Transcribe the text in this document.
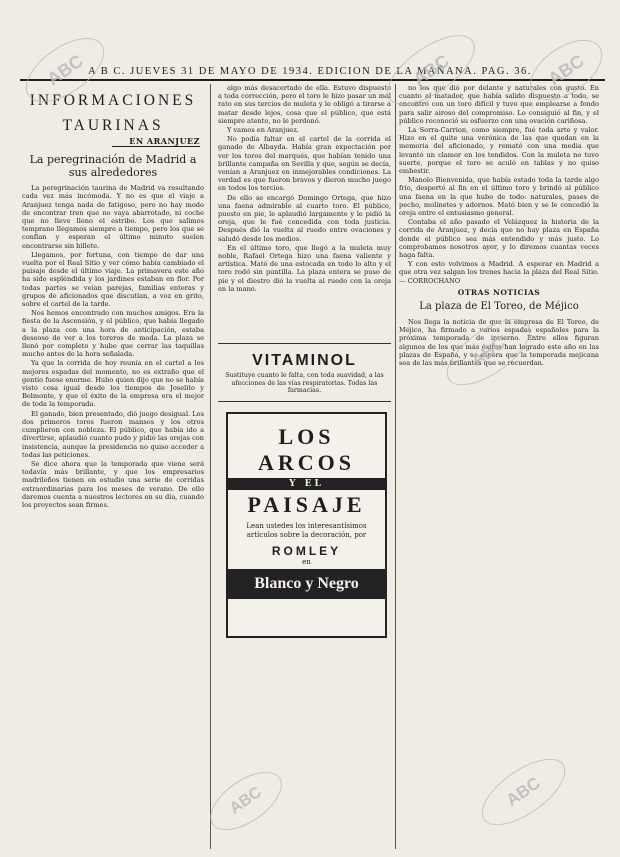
A B C. JUEVES 31 DE MAYO DE 1934. EDICION DE LA MAÑANA. PAG. 36.
INFORMACIONES
TAURINAS
EN ARANJUEZ
La peregrinación de Madrid a sus alrededores

La peregrinación taurina de Madrid va resultando cada vez más incómoda. Y no es que el viaje a Aranjuez tenga nada de fatigoso, pero no hay modo de encontrar tren que no vaya abarrotado, ni coche que no lleve lleno el estribo. Los que salimos temprano llegamos siempre a tiempo, pero los que se confían y esperan el último minuto suelen encontrarse sin billete.

Llegamos, por fortuna, con tiempo de dar una vuelta por el Real Sitio y ver cómo había cambiado el paisaje desde el último viaje. La primavera este año ha sido espléndida y los jardines estaban en flor. Por todas partes se veían parejas, familias enteras y grupos de aficionados que discutían, a voz en grito, sobre el cartel de la tarde.

Nos hemos encontrado con muchos amigos. Era la fiesta de la Ascensión, y el público, que había llegado a la plaza con una hora de anticipación, estaba deseoso de ver a los toreros de moda. La plaza se llenó por completo y hubo que cerrar las taquillas mucho antes de la hora señalada.

Ya que la corrida de hoy reunía en el cartel a los mejores espadas del momento, no es extraño que el gentío fuese enorme. Hubo quien dijo que no se había visto cosa igual desde los tiempos de Joselito y Belmonte, y que el éxito de la empresa era el mejor de toda la temporada.

El ganado, bien presentado, dió juego desigual. Los dos primeros toros fueron mansos y los otros cumplieron con nobleza. El público, que había ido a divertirse, aplaudió cuanto pudo y pidió las orejas con insistencia, aunque la presidencia no quiso acceder a todas las peticiones.

Se dice ahora que la temporada que viene será todavía más brillante, y que los empresarios madrileños tienen en estudio una serie de corridas extraordinarias para los meses de verano. De ello daremos cuenta a nuestros lectores en su día, cuando los proyectos sean firmes.

algo más desacertado de ella. Estuvo dispuesto a toda corrección, pero el toro le hizo pasar un mal rato en sus tercios de muleta y le obligó a tirarse a matar desde lejos, cosa que el público, que está siempre atento, no le perdonó.

Y vamos en Aranjuez.

No podía faltar en el cartel de la corrida el ganado de Albayda. Había gran expectación por ver los toros del marqués, que habían tenido una brillante campaña en Sevilla y que, según se decía, venían a Aranjuez en inmejorables condiciones. La verdad es que fueron bravos y dieron mucho juego en todos los tercios.

De ello se encargó Domingo Ortega, que hizo una faena admirable al cuarto toro. El público, puesto en pie, le aplaudió largamente y le pidió la oreja, que le fué concedida con toda justicia. Después dió la vuelta al ruedo entre ovaciones y saludó desde los medios.

En el último toro, que llegó a la muleta muy noble, Rafael Ortega hizo una faena valiente y artística. Mató de una estocada en todo lo alto y el toro rodó sin puntilla. La plaza entera se puso de pie y el diestro dió la vuelta al ruedo con la oreja en la mano.

VITAMINOL
Sustituye cuanto le falta, con toda suavidad, a las afecciones de las vías respiratorias. Todas las farmacias.
LOS ARCOS
Y EL
PAISAJE
Lean ustedes los interesantísimos artículos sobre la decoración, por
ROMLEY
en
Blanco y Negro

no los que dió por delante y naturales con gusto. En cuanto al matador, que había salido dispuesto a todo, se encontró con un toro difícil y tuvo que emplearse a fondo para salir airoso del compromiso. Lo consiguió al fin, y el público reconoció su esfuerzo con una ovación cariñosa.

La Sorra-Carrion, como siempre, fué toda arte y valor. Hizo en el quite una verónica de las que quedan en la memoria del aficionado, y remató con una media que levantó un clamor en los tendidos. Con la muleta no tuvo suerte, porque el toro se aculó en tablas y no quiso embestir.

Manolo Bienvenida, que había estado toda la tarde algo frío, despertó al fin en el último toro y brindó al público una faena en la que hubo de todo: naturales, pases de pecho, molinetes y adornos. Mató bien y se le concedió la oreja entre el entusiasmo general.

Contaba el año pasado el Velázquez la historia de la corrida de Aranjuez, y decía que no hay plaza en España donde el público sea más entendido y más justo. Lo comprobamos nosotros ayer, y lo diremos cuantas veces haga falta.

Y con esto volvimos a Madrid. A esperar en Madrid a que otra vez salgan los trenes hacia la plaza del Real Sitio. — CORROCHANO

OTRAS NOTICIAS
La plaza de El Toreo, de Méjico

Nos llega la noticia de que la empresa de El Toreo, de Méjico, ha firmado a varios espadas españoles para la próxima temporada de invierno. Entre ellos figuran algunos de los que más éxitos han logrado este año en las plazas de España, y se espera que la temporada mejicana sea de las más brillantes que se recuerdan.

ABC	ABC	ABC
ABC
ABC
ABC
